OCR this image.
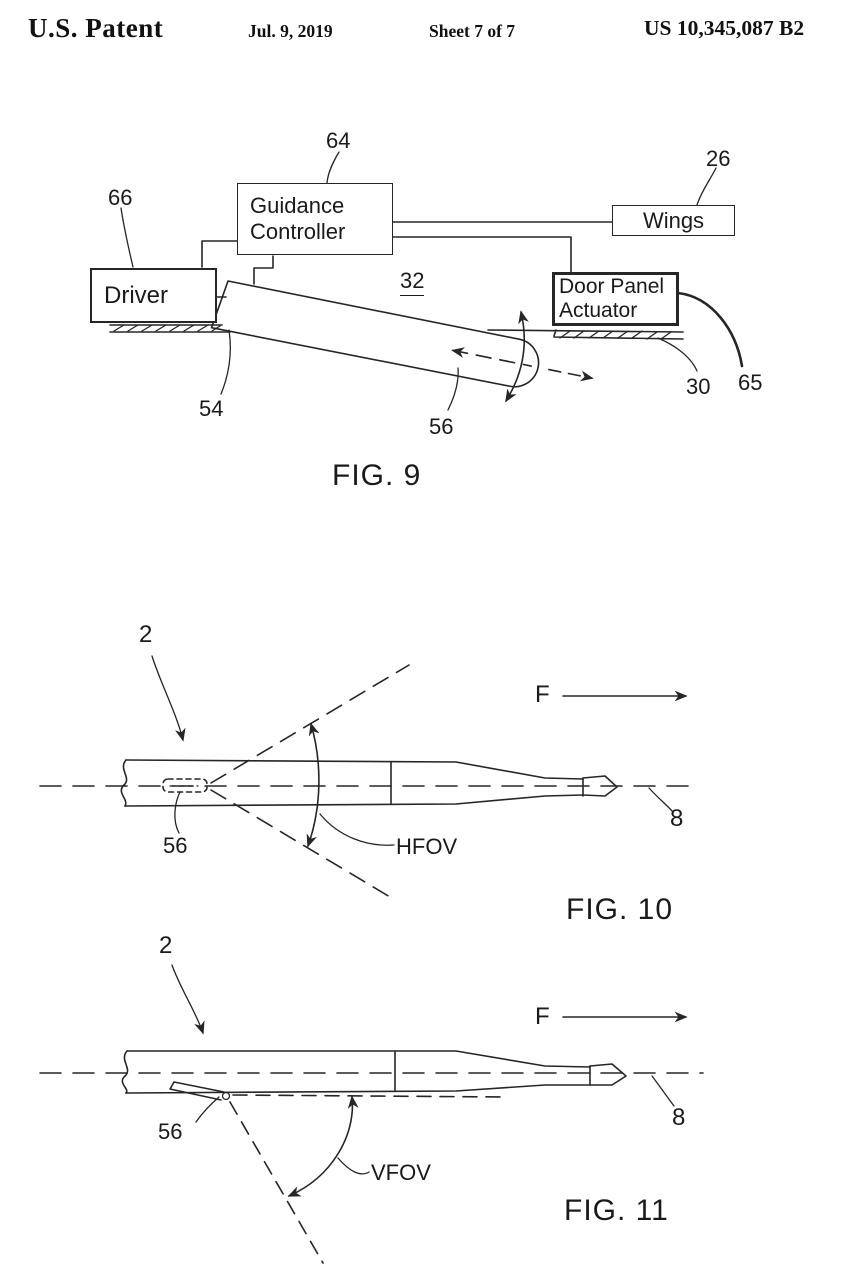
U.S. Patent	Jul. 9, 2019	Sheet 7 of 7	US 10,345,087 B2
Driver
Guidance
Controller	Wings
Door Panel
Actuator
64
66
26
32
54
56
30 65
FIG. 9
2
56	HFOV
F
8
FIG. 10
2
56
VFOV
F
8
FIG. 11
